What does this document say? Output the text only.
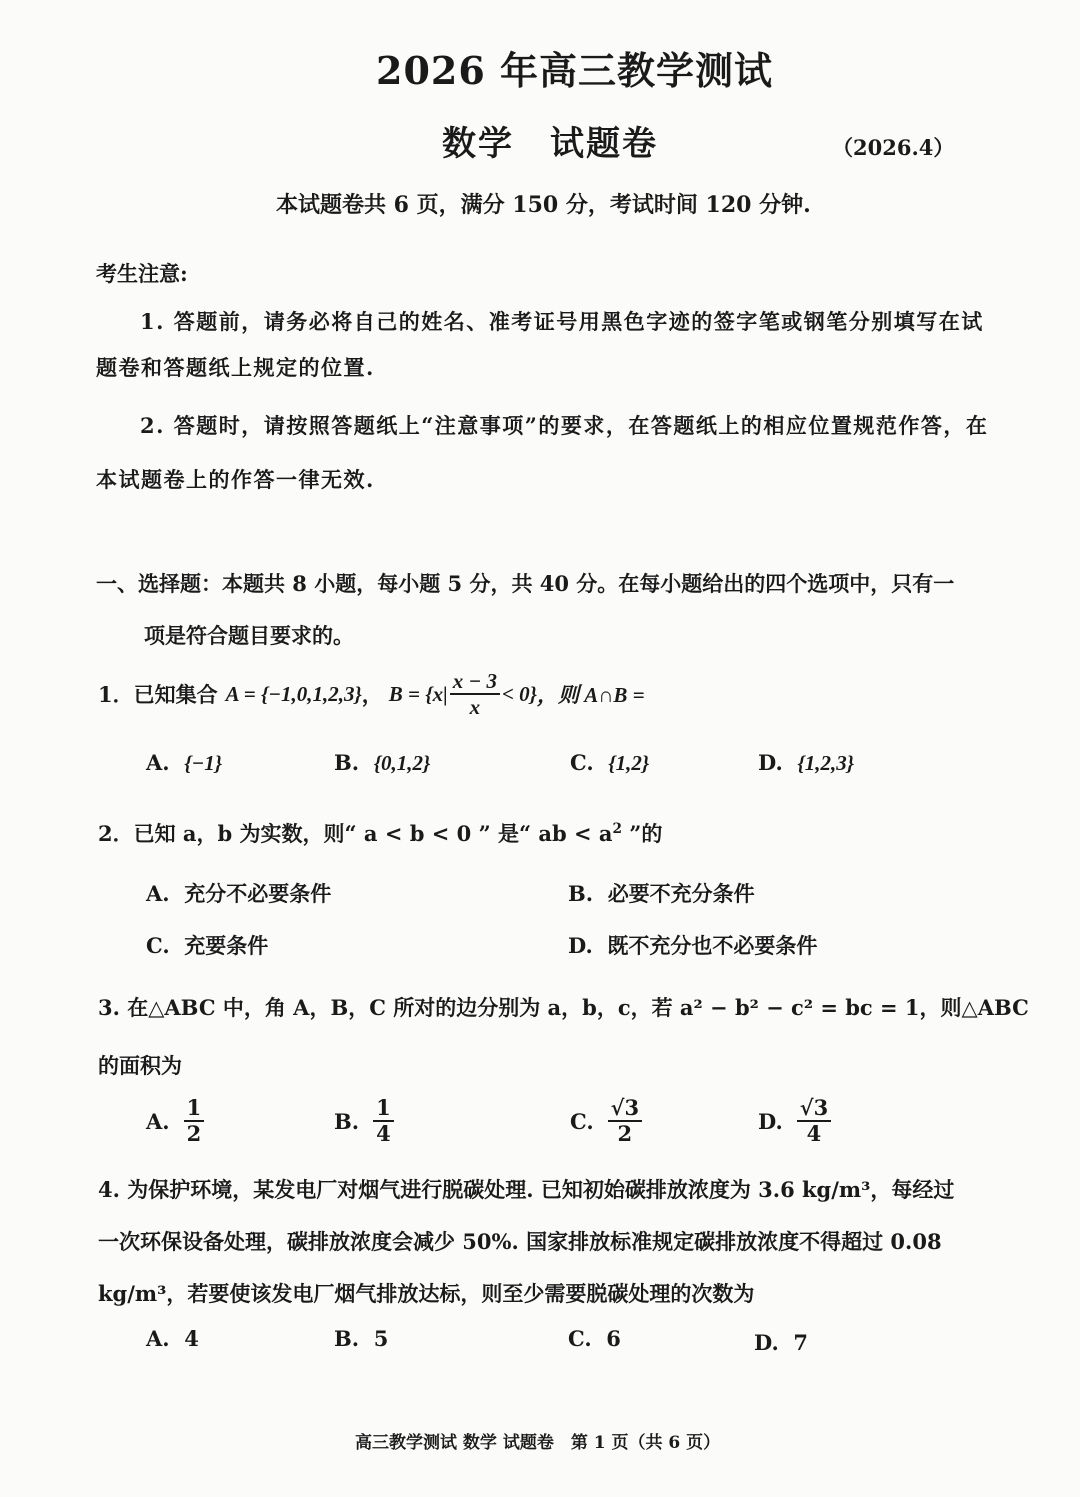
2026 年高三教学测试
数学　试题卷	（2026.4）
本试题卷共 6 页，满分 150 分，考试时间 120 分钟.
考生注意:
1. 答题前，请务必将自己的姓名、准考证号用黑色字迹的签字笔或钢笔分别填写在试
题卷和答题纸上规定的位置.
2. 答题时，请按照答题纸上“注意事项”的要求，在答题纸上的相应位置规范作答，在
本试题卷上的作答一律无效.
一、选择题：本题共 8 小题，每小题 5 分，共 40 分。在每小题给出的四个选项中，只有一
项是符合题目要求的。
1．已知集合 A = {−1,0,1,2,3} ， $B = \{x| \frac{x - 3}{x} < 0\}$ ，则 A∩B =
A. {−1}	B. {0,1,2}	C. {1,2}	D. {1,2,3}
2．已知 a，b 为实数，则“ a < b < 0 ” 是“ ab < $a^2$ ”的
A. 充分不必要条件	B. 必要不充分条件
C. 充要条件	D. 既不充分也不必要条件
3. 在△ABC 中，角 A，B，C 所对的边分别为 a，b，c，若 a² − b² − c² = bc = 1，则△ABC
的面积为
A. $\frac{1}{2}$	B. $\frac{1}{4}$	C. $\frac{√3}{2}$	D. $\frac{√3}{4}$
4. 为保护环境，某发电厂对烟气进行脱碳处理. 已知初始碳排放浓度为 3.6 kg/m³，每经过
一次环保设备处理，碳排放浓度会减少 50%. 国家排放标准规定碳排放浓度不得超过 0.08
kg/m³，若要使该发电厂烟气排放达标，则至少需要脱碳处理的次数为
A. 4	B. 5	C. 6	D. 7
高三教学测试 数学 试题卷　第 1 页（共 6 页）
